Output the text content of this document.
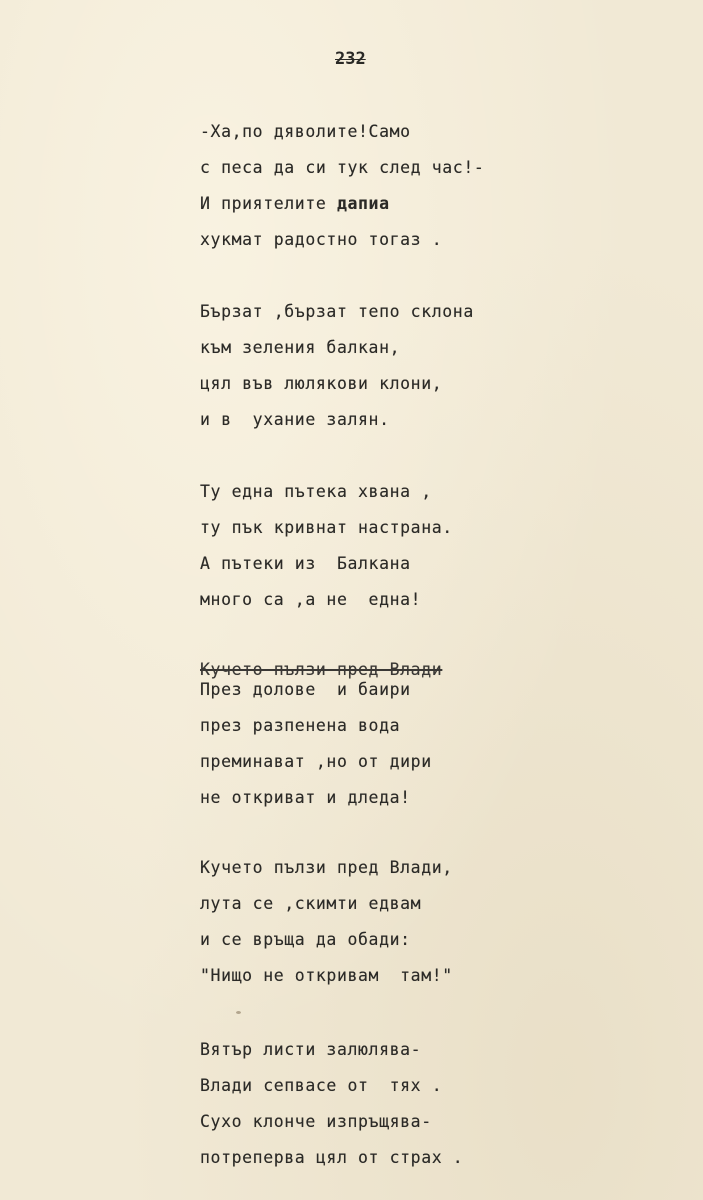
232
-Ха,по дяволите!Само
с песа да си тук след час!-
И приятелите дапиа
хукмат радостно тогаз .
Бързат ,бързат тепо склона
към зеления балкан,
цял във люлякови клони,
и в  ухание залян.
Ту една пътека хвана ,
ту пък кривнат настрана.
А пътеки из  Балкана
много са ,а не  една!
Кучето пълзи пред Влади
През долове  и баири
през разпенена вода
преминават ,но от дири
не откриват и дледа!
Кучето пълзи пред Влади,
лута се ,скимти едвам
и се връща да обади:
"Нищо не откривам  там!"
Вятър листи залюлява-
Влади сепвасе от  тях .
Сухо клонче изпръщява-
потреперва цял от страх .
